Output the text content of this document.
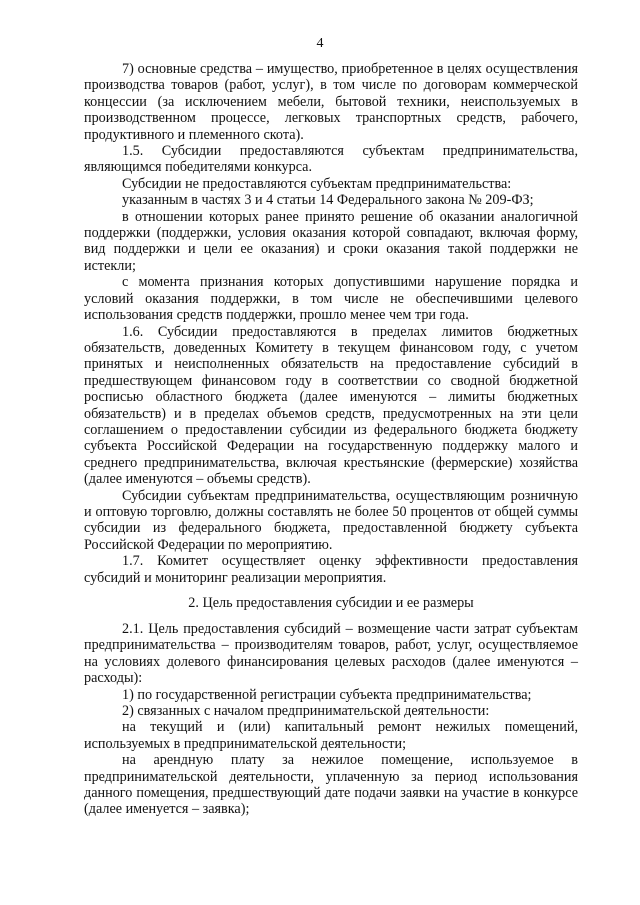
4

7) основные средства – имущество, приобретенное в целях осуществления производства товаров (работ, услуг), в том числе по договорам коммерческой концессии (за исключением мебели, бытовой техники, неиспользуемых в производственном процессе, легковых транспортных средств, рабочего, продуктивного и племенного скота).

1.5. Субсидии предоставляются субъектам предпринимательства, являющимся победителями конкурса.

Субсидии не предоставляются субъектам предпринимательства:

указанным в частях 3 и 4 статьи 14 Федерального закона № 209-ФЗ;

в отношении которых ранее принято решение об оказании аналогичной поддержки (поддержки, условия оказания которой совпадают, включая форму, вид поддержки и цели ее оказания) и сроки оказания такой поддержки не истекли;

с момента признания которых допустившими нарушение порядка и условий оказания поддержки, в том числе не обеспечившими целевого использования средств поддержки, прошло менее чем три года.

1.6. Субсидии предоставляются в пределах лимитов бюджетных обязательств, доведенных Комитету в текущем финансовом году, с учетом принятых и неисполненных обязательств на предоставление субсидий в предшествующем финансовом году в соответствии со сводной бюджетной росписью областного бюджета (далее именуются – лимиты бюджетных обязательств) и в пределах объемов средств, предусмотренных на эти цели соглашением о предоставлении субсидии из федерального бюджета бюджету субъекта Российской Федерации на государственную поддержку малого и среднего предпринимательства, включая крестьянские (фермерские) хозяйства (далее именуются – объемы средств).

Субсидии субъектам предпринимательства, осуществляющим розничную и оптовую торговлю, должны составлять не более 50 процентов от общей суммы субсидии из федерального бюджета, предоставленной бюджету субъекта Российской Федерации по мероприятию.

1.7. Комитет осуществляет оценку эффективности предоставления субсидий и мониторинг реализации мероприятия.

2. Цель предоставления субсидии и ее размеры

2.1. Цель предоставления субсидий – возмещение части затрат субъектам предпринимательства – производителям товаров, работ, услуг, осуществляемое на условиях долевого финансирования целевых расходов (далее именуются – расходы):

1) по государственной регистрации субъекта предпринимательства;

2) связанных с началом предпринимательской деятельности:

на текущий и (или) капитальный ремонт нежилых помещений, используемых в предпринимательской деятельности;

на арендную плату за нежилое помещение, используемое в предпринимательской деятельности, уплаченную за период использования данного помещения, предшествующий дате подачи заявки на участие в конкурсе (далее именуется – заявка);
